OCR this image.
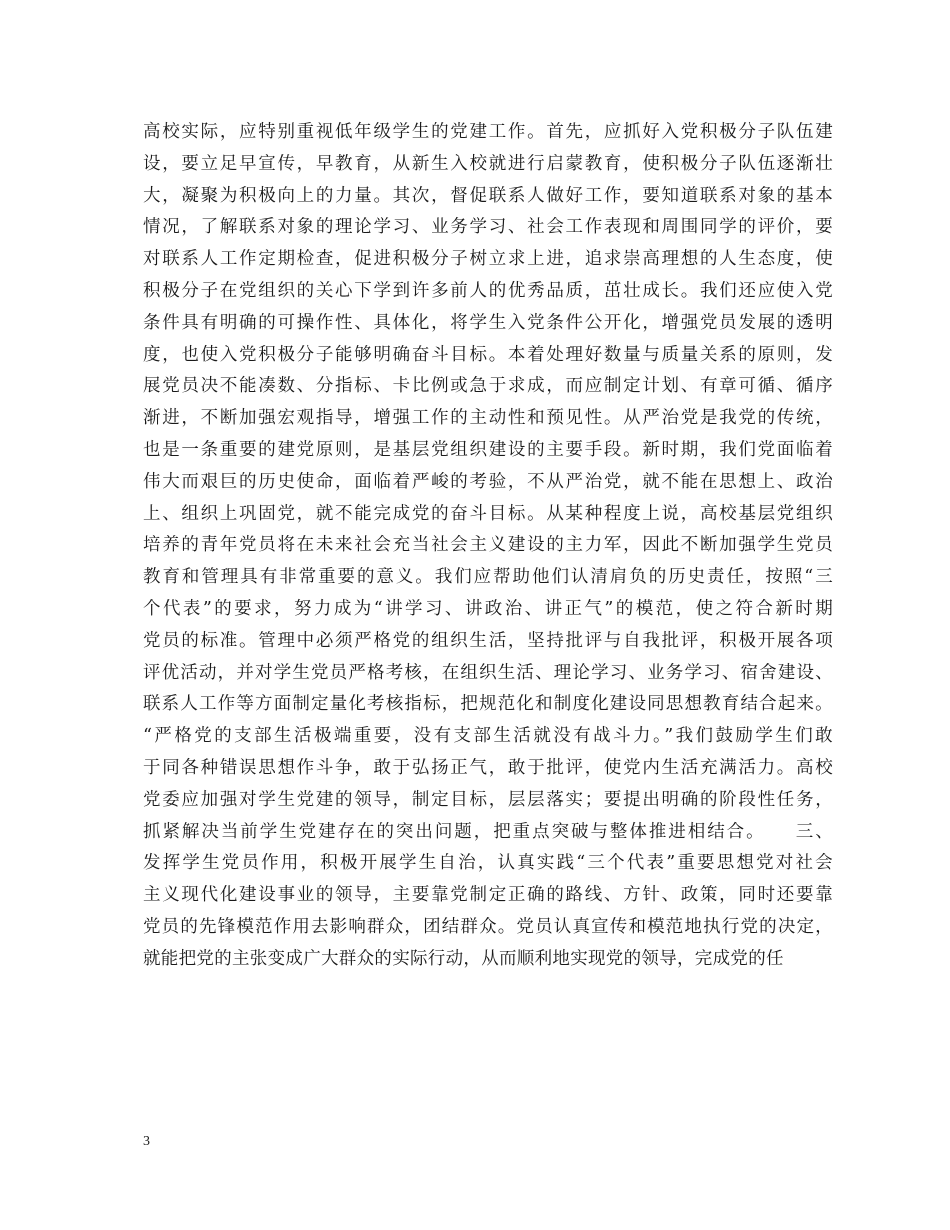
高校实际，应特别重视低年级学生的党建工作。首先，应抓好入党积极分子队伍建
设，要立足早宣传，早教育，从新生入校就进行启蒙教育，使积极分子队伍逐渐壮
大，凝聚为积极向上的力量。其次，督促联系人做好工作，要知道联系对象的基本
情况，了解联系对象的理论学习、业务学习、社会工作表现和周围同学的评价，要
对联系人工作定期检查，促进积极分子树立求上进，追求崇高理想的人生态度，使
积极分子在党组织的关心下学到许多前人的优秀品质，茁壮成长。我们还应使入党
条件具有明确的可操作性、具体化，将学生入党条件公开化，增强党员发展的透明
度，也使入党积极分子能够明确奋斗目标。本着处理好数量与质量关系的原则，发
展党员决不能凑数、分指标、卡比例或急于求成，而应制定计划、有章可循、循序
渐进，不断加强宏观指导，增强工作的主动性和预见性。从严治党是我党的传统，
也是一条重要的建党原则，是基层党组织建设的主要手段。新时期，我们党面临着
伟大而艰巨的历史使命，面临着严峻的考验，不从严治党，就不能在思想上、政治
上、组织上巩固党，就不能完成党的奋斗目标。从某种程度上说，高校基层党组织
培养的青年党员将在未来社会充当社会主义建设的主力军，因此不断加强学生党员
教育和管理具有非常重要的意义。我们应帮助他们认清肩负的历史责任，按照“三
个代表”的要求，努力成为“讲学习、讲政治、讲正气”的模范，使之符合新时期
党员的标准。管理中必须严格党的组织生活，坚持批评与自我批评，积极开展各项
评优活动，并对学生党员严格考核，在组织生活、理论学习、业务学习、宿舍建设、
联系人工作等方面制定量化考核指标，把规范化和制度化建设同思想教育结合起来。
“严格党的支部生活极端重要，没有支部生活就没有战斗力。”我们鼓励学生们敢
于同各种错误思想作斗争，敢于弘扬正气，敢于批评，使党内生活充满活力。高校
党委应加强对学生党建的领导，制定目标，层层落实；要提出明确的阶段性任务，
抓紧解决当前学生党建存在的突出问题，把重点突破与整体推进相结合。　　三、
发挥学生党员作用，积极开展学生自治，认真实践“三个代表”重要思想党对社会
主义现代化建设事业的领导，主要靠党制定正确的路线、方针、政策，同时还要靠
党员的先锋模范作用去影响群众，团结群众。党员认真宣传和模范地执行党的决定，
就能把党的主张变成广大群众的实际行动，从而顺利地实现党的领导，完成党的任
3
